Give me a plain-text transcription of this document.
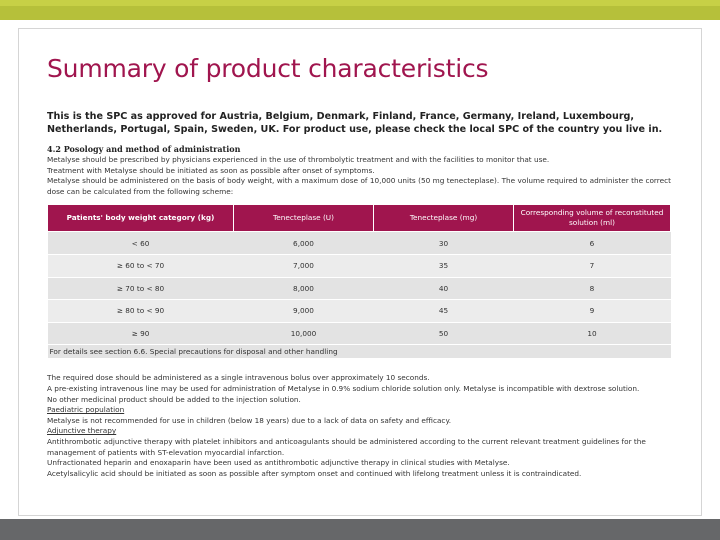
Summary of product characteristics

This is the SPC as approved for Austria, Belgium, Denmark, Finland, France, Germany, Ireland, Luxembourg, Netherlands, Portugal, Spain, Sweden, UK. For product use, please check the local SPC of the country you live in.

4.2 Posology and method of administration

Metalyse should be prescribed by physicians experienced in the use of thrombolytic treatment and with the facilities to monitor that use.

Treatment with Metalyse should be initiated as soon as possible after onset of symptoms.

Metalyse should be administered on the basis of body weight, with a maximum dose of 10,000 units (50 mg tenecteplase). The volume required to administer the correct dose can be calculated from the following scheme:

Patients' body weight category (kg)	Tenecteplase (U)	Tenecteplase (mg)	Corresponding volume of reconstituted solution (ml)
< 60	6,000	30	6
≥ 60 to < 70	7,000	35	7
≥ 70 to < 80	8,000	40	8
≥ 80 to < 90	9,000	45	9
≥ 90	10,000	50	10
For details see section 6.6. Special precautions for disposal and other handling			

The required dose should be administered as a single intravenous bolus over approximately 10 seconds.

A pre-existing intravenous line may be used for administration of Metalyse in 0.9% sodium chloride solution only. Metalyse is incompatible with dextrose solution.

No other medicinal product should be added to the injection solution.

Paediatric population

Metalyse is not recommended for use in children (below 18 years) due to a lack of data on safety and efficacy.

Adjunctive therapy

Antithrombotic adjunctive therapy with platelet inhibitors and anticoagulants should be administered according to the current relevant treatment guidelines for the management of patients with ST-elevation myocardial infarction.

Unfractionated heparin and enoxaparin have been used as antithrombotic adjunctive therapy in clinical studies with Metalyse.

Acetylsalicylic acid should be initiated as soon as possible after symptom onset and continued with lifelong treatment unless it is contraindicated.
